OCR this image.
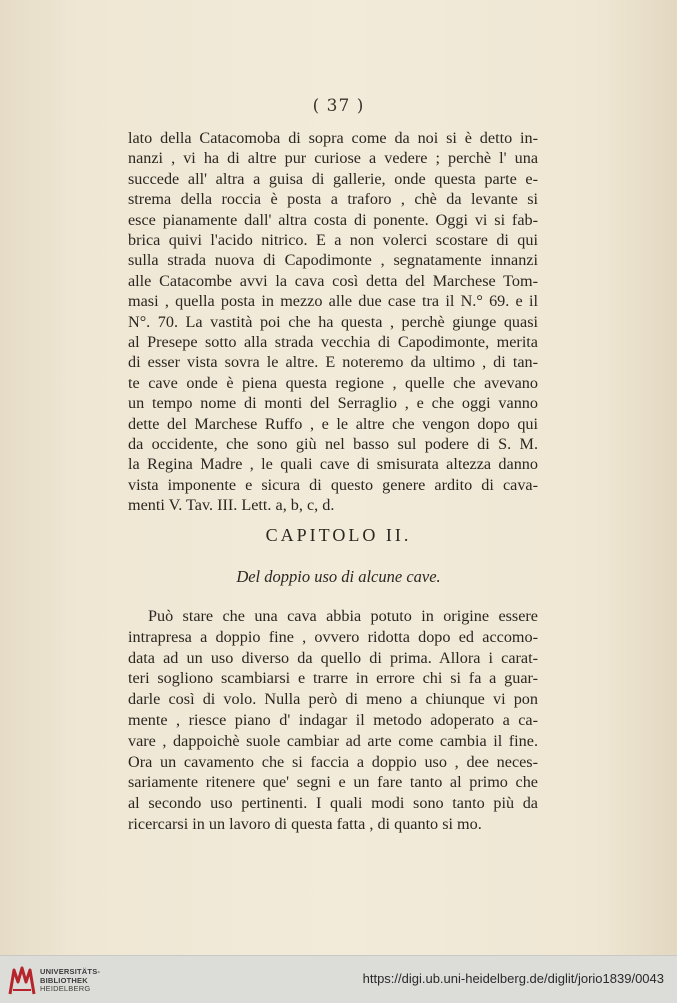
( 37 )
lato della Catacomoba di sopra come da noi si è detto in-
nanzi , vi ha di altre pur curiose a vedere ; perchè l' una
succede all' altra a guisa di gallerie, onde questa parte e-
strema della roccia è posta a traforo , chè da levante si
esce pianamente dall' altra costa di ponente. Oggi vi si fab-
brica quivi l'acido nitrico. E a non volerci scostare di qui
sulla strada nuova di Capodimonte , segnatamente innanzi
alle Catacombe avvi la cava così detta del Marchese Tom-
masi , quella posta in mezzo alle due case tra il N.° 69. e il
N°. 70. La vastità poi che ha questa , perchè giunge quasi
al Presepe sotto alla strada vecchia di Capodimonte, merita
di esser vista sovra le altre. E noteremo da ultimo , di tan-
te cave onde è piena questa regione , quelle che avevano
un tempo nome di monti del Serraglio , e che oggi vanno
dette del Marchese Ruffo , e le altre che vengon dopo qui
da occidente, che sono giù nel basso sul podere di S. M.
la Regina Madre , le quali cave di smisurata altezza danno
vista imponente e sicura di questo genere ardito di cava-
menti V. Tav. III. Lett. a, b, c, d.
CAPITOLO II.
Del doppio uso di alcune cave.
Può stare che una cava abbia potuto in origine essere
intrapresa a doppio fine , ovvero ridotta dopo ed accomo-
data ad un uso diverso da quello di prima. Allora i carat-
teri sogliono scambiarsi e trarre in errore chi si fa a guar-
darle così di volo. Nulla però di meno a chiunque vi pon
mente , riesce piano d' indagar il metodo adoperato a ca-
vare , dappoichè suole cambiar ad arte come cambia il fine.
Ora un cavamento che si faccia a doppio uso , dee neces-
sariamente ritenere que' segni e un fare tanto al primo che
al secondo uso pertinenti. I quali modi sono tanto più da
ricercarsi in un lavoro di questa fatta , di quanto si mo.
UNIVERSITÄTS-
BIBLIOTHEK
HEIDELBERG
https://digi.ub.uni-heidelberg.de/diglit/jorio1839/0043
